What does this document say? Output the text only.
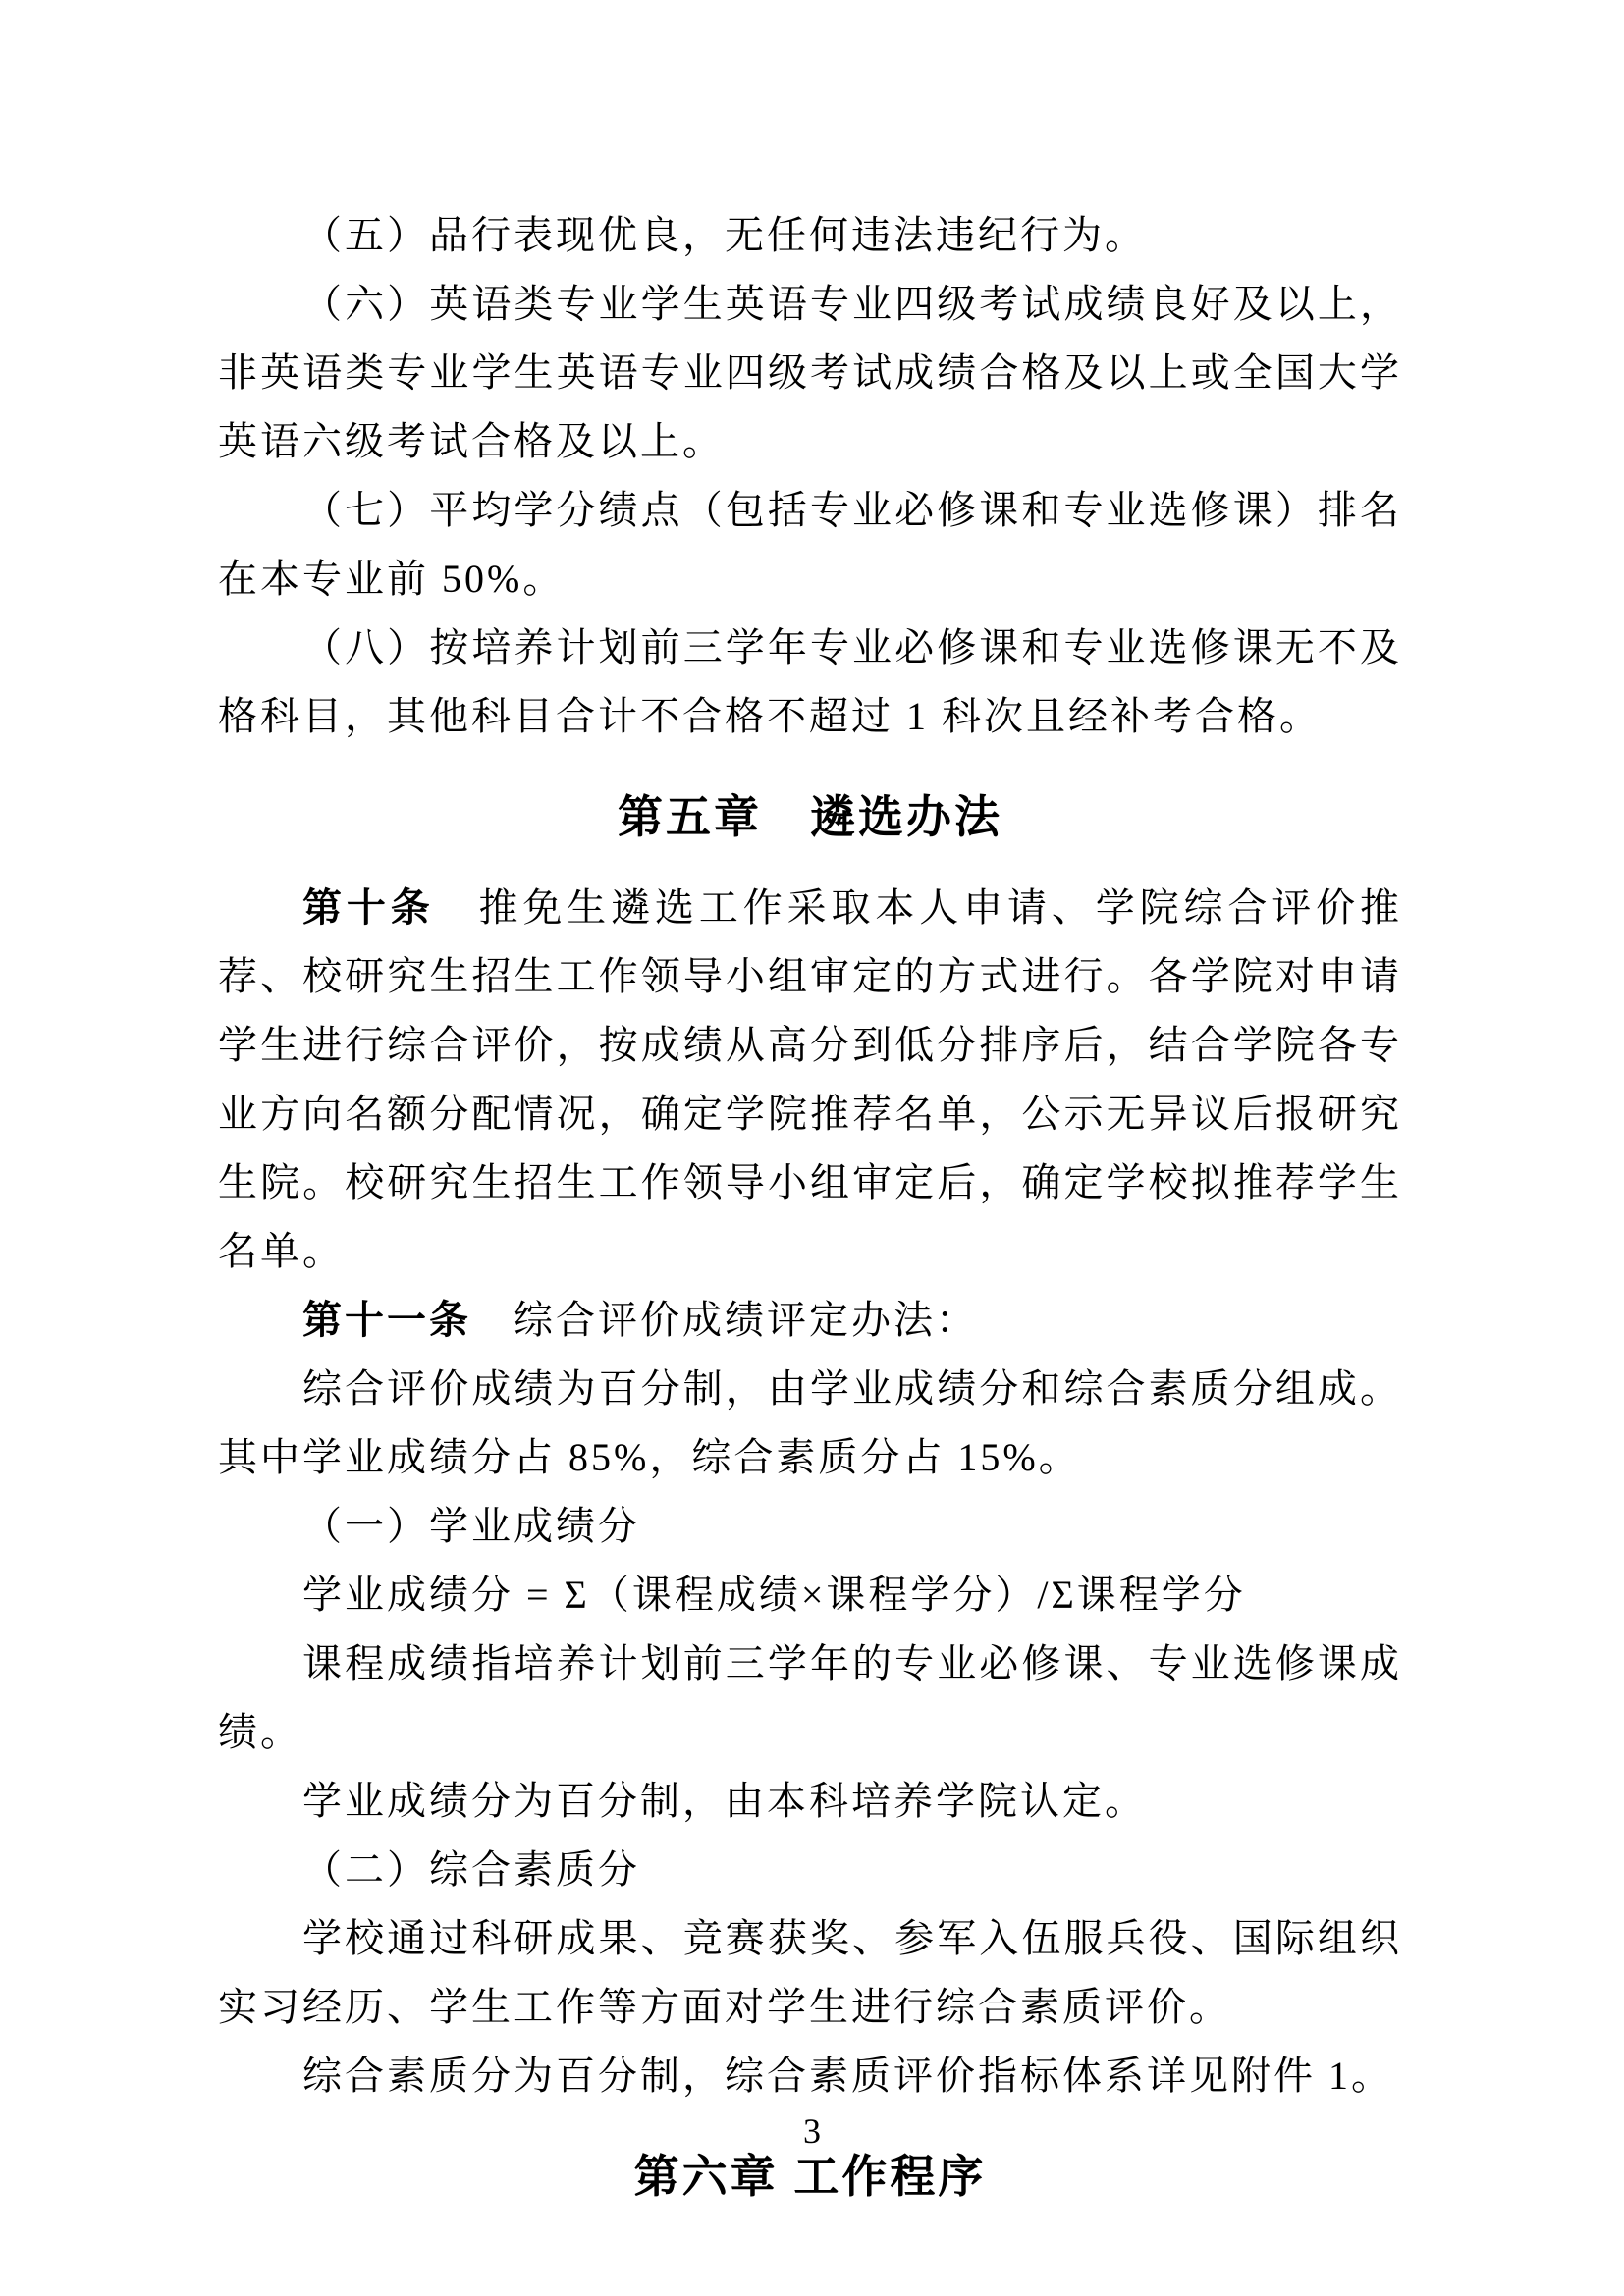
（五）品行表现优良，无任何违法违纪行为。

（六）英语类专业学生英语专业四级考试成绩良好及以上，非英语类专业学生英语专业四级考试成绩合格及以上或全国大学英语六级考试合格及以上。

（七）平均学分绩点（包括专业必修课和专业选修课）排名在本专业前 50%。

（八）按培养计划前三学年专业必修课和专业选修课无不及格科目，其他科目合计不合格不超过 1 科次且经补考合格。

第五章　遴选办法

第十条　推免生遴选工作采取本人申请、学院综合评价推荐、校研究生招生工作领导小组审定的方式进行。各学院对申请学生进行综合评价，按成绩从高分到低分排序后，结合学院各专业方向名额分配情况，确定学院推荐名单，公示无异议后报研究生院。校研究生招生工作领导小组审定后，确定学校拟推荐学生名单。

第十一条　综合评价成绩评定办法：

综合评价成绩为百分制，由学业成绩分和综合素质分组成。其中学业成绩分占 85%，综合素质分占 15%。

（一）学业成绩分

学业成绩分 = Σ（课程成绩×课程学分）/Σ课程学分

课程成绩指培养计划前三学年的专业必修课、专业选修课成绩。

学业成绩分为百分制，由本科培养学院认定。

（二）综合素质分

学校通过科研成果、竞赛获奖、参军入伍服兵役、国际组织实习经历、学生工作等方面对学生进行综合素质评价。

综合素质分为百分制，综合素质评价指标体系详见附件 1。

第六章 工作程序
3
